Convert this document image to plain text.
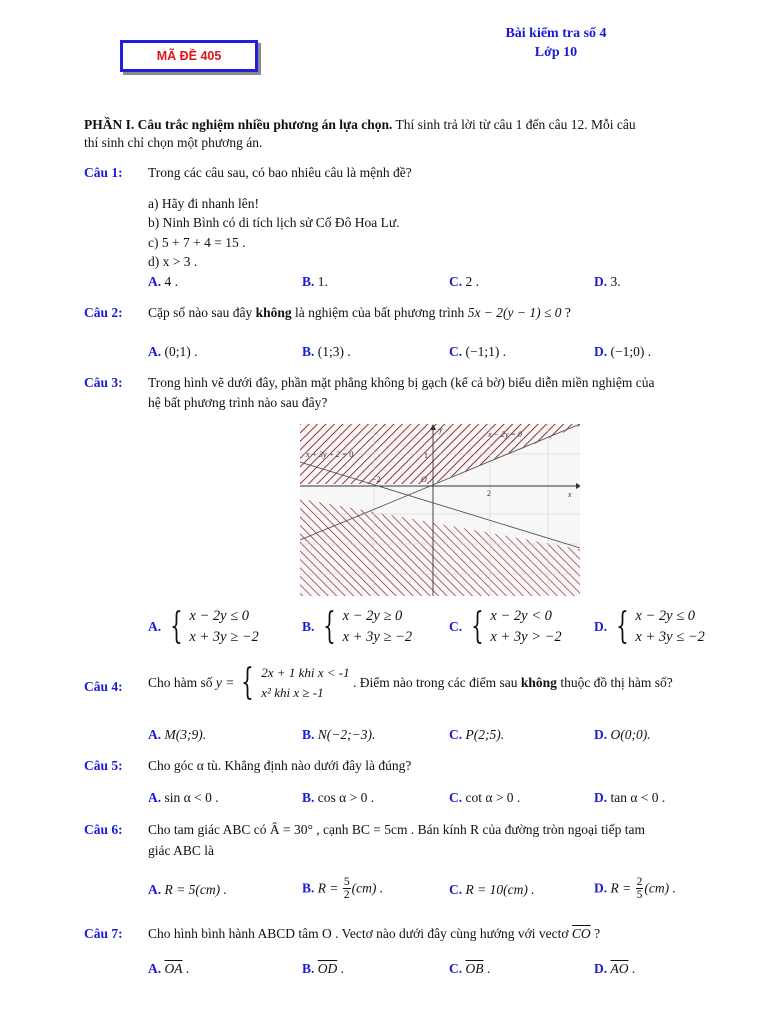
MÃ ĐỀ 405
Bài kiểm tra số 4
Lớp 10
PHẦN I. Câu trắc nghiệm nhiều phương án lựa chọn. Thí sinh trả lời từ câu 1 đến câu 12. Mỗi câu
thí sinh chỉ chọn một phương án.
Câu 1: Trong các câu sau, có bao nhiêu câu là mệnh đề?
a) Hãy đi nhanh lên!
b) Ninh Bình có di tích lịch sử Cố Đô Hoa Lư.
c) 5 + 7 + 4 = 15 .
d) x > 3 .
A. 4 .	B. 1.	C. 2 .	D. 3.
Câu 2: Cặp số nào sau đây không là nghiệm của bất phương trình 5x − 2(y − 1) ≤ 0 ?
A. (0;1) .	B. (1;3) .	C. (−1;1) .	D. (−1;0) .
Câu 3: Trong hình vẽ dưới đây, phần mặt phẳng không bị gạch (kể cả bờ) biểu diễn miền nghiệm của
hệ bất phương trình nào sau đây?
x − 2y = 0
x + 3y + 2 = 0
y
x
O
1
−2
2
A. { x − 2y ≤ 0
x + 3y ≥ −2
B. { x − 2y ≥ 0
x + 3y ≥ −2
C. { x − 2y < 0
x + 3y > −2
D. { x − 2y ≤ 0
x + 3y ≤ −2
Câu 4: Cho hàm số y = { 2x + 1 khi x < -1
x² khi x ≥ -1
. Điểm nào trong các điểm sau không thuộc đồ thị hàm số?
A. M(3;9).	B. N(−2;−3).	C. P(2;5).	D. O(0;0).
Câu 5: Cho góc α tù. Khẳng định nào dưới đây là đúng?
A. sin α < 0 .	B. cos α > 0 .	C. cot α > 0 .	D. tan α < 0 .
Câu 6: Cho tam giác ABC có Â = 30° , cạnh BC = 5cm . Bán kính R của đường tròn ngoại tiếp tam
giác ABC là
A. R = 5(cm) .	B. $R = \frac{5}{2} (cm)$ .	C. R = 10(cm) .	D. $R = \frac{2}{5} (cm)$ .
Câu 7: Cho hình bình hành ABCD tâm O . Vectơ nào dưới đây cùng hướng với vectơ $\overline{CO}$ ?
A. $\overline{OA}$ .	B. $\overline{OD}$ .	C. $\overline{OB}$ .	D. $\overline{AO}$ .
